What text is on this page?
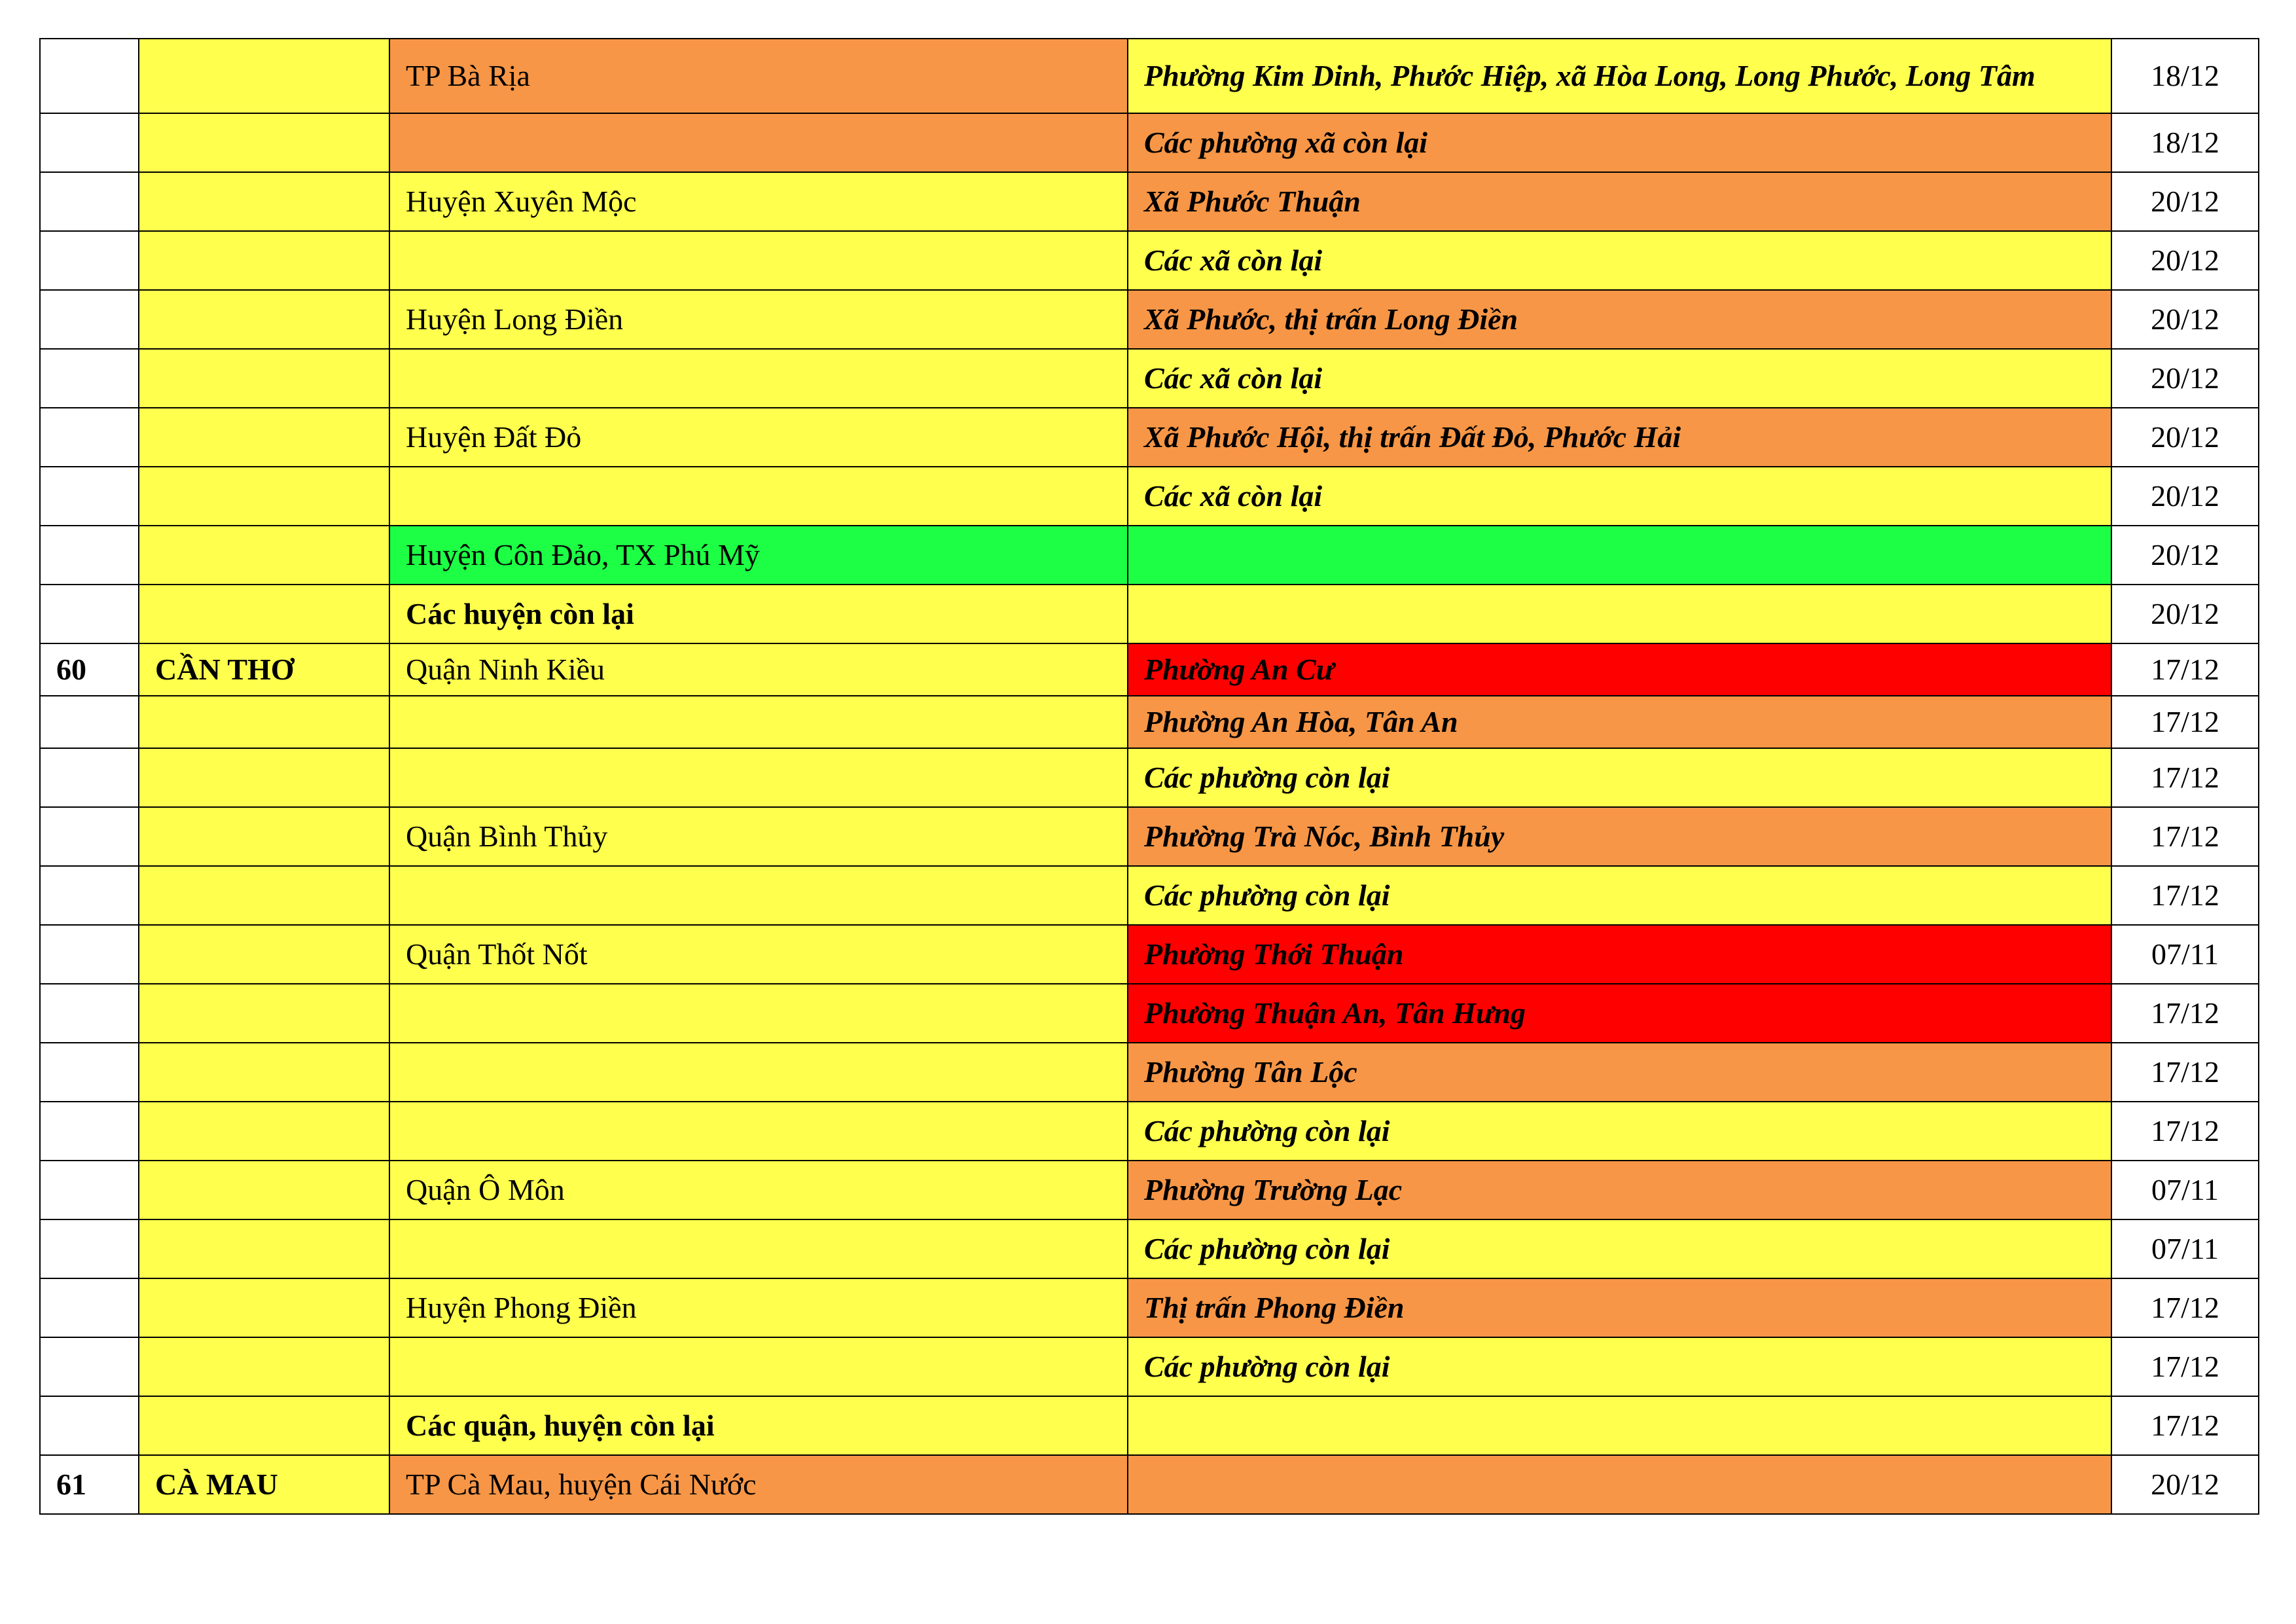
		TP Bà Rịa	Phường Kim Dinh, Phước Hiệp, xã Hòa Long, Long Phước, Long Tâm	18/12
			Các phường xã còn lại	18/12
		Huyện Xuyên Mộc	Xã Phước Thuận	20/12
			Các xã còn lại	20/12
		Huyện Long Điền	Xã Phước, thị trấn Long Điền	20/12
			Các xã còn lại	20/12
		Huyện Đất Đỏ	Xã Phước Hội, thị trấn Đất Đỏ, Phước Hải	20/12
			Các xã còn lại	20/12
		Huyện Côn Đảo, TX Phú Mỹ		20/12
		Các huyện còn lại		20/12
60	CẦN THƠ	Quận Ninh Kiều	Phường An Cư	17/12
			Phường An Hòa, Tân An	17/12
			Các phường còn lại	17/12
		Quận Bình Thủy	Phường Trà Nóc, Bình Thủy	17/12
			Các phường còn lại	17/12
		Quận Thốt Nốt	Phường Thới Thuận	07/11
			Phường Thuận An, Tân Hưng	17/12
			Phường Tân Lộc	17/12
			Các phường còn lại	17/12
		Quận Ô Môn	Phường Trường Lạc	07/11
			Các phường còn lại	07/11
		Huyện Phong Điền	Thị trấn Phong Điền	17/12
			Các phường còn lại	17/12
		Các quận, huyện còn lại		17/12
61	CÀ MAU	TP Cà Mau, huyện Cái Nước		20/12
